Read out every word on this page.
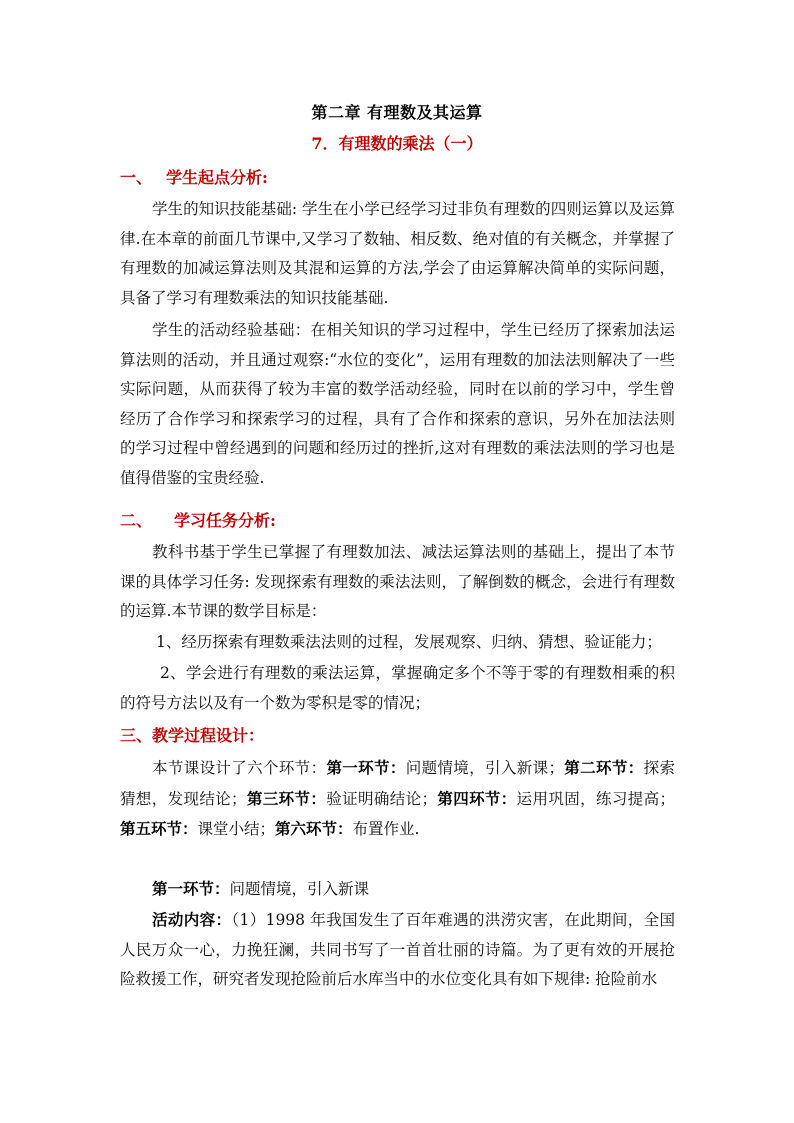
第二章 有理数及其运算
7．有理数的乘法（一）
一、 学生起点分析:
学生的知识技能基础: 学生在小学已经学习过非负有理数的四则运算以及运算律.在本章的前面几节课中,又学习了数轴、相反数、绝对值的有关概念，并掌握了有理数的加减运算法则及其混和运算的方法,学会了由运算解决简单的实际问题，具备了学习有理数乘法的知识技能基础.
学生的活动经验基础：在相关知识的学习过程中，学生已经历了探索加法运算法则的活动，并且通过观察:“水位的变化”，运用有理数的加法法则解决了一些实际问题，从而获得了较为丰富的数学活动经验，同时在以前的学习中，学生曾经历了合作学习和探索学习的过程，具有了合作和探索的意识，另外在加法法则的学习过程中曾经遇到的问题和经历过的挫折,这对有理数的乘法法则的学习也是值得借鉴的宝贵经验.
二、 学习任务分析:
教科书基于学生已掌握了有理数加法、减法运算法则的基础上，提出了本节课的具体学习任务: 发现探索有理数的乘法法则，了解倒数的概念，会进行有理数的运算.本节课的数学目标是：
1、经历探索有理数乘法法则的过程，发展观察、归纳、猜想、验证能力；
2、学会进行有理数的乘法运算，掌握确定多个不等于零的有理数相乘的积的符号方法以及有一个数为零积是零的情况；
三、教学过程设计：
本节课设计了六个环节：第一环节：问题情境，引入新课；第二环节：探索猜想，发现结论；第三环节：验证明确结论；第四环节：运用巩固，练习提高；第五环节：课堂小结；第六环节：布置作业.
第一环节：问题情境，引入新课
活动内容：（1）1998 年我国发生了百年难遇的洪涝灾害，在此期间，全国人民万众一心，力挽狂澜，共同书写了一首首壮丽的诗篇。为了更有效的开展抢险救援工作，研究者发现抢险前后水库当中的水位变化具有如下规律: 抢险前水
